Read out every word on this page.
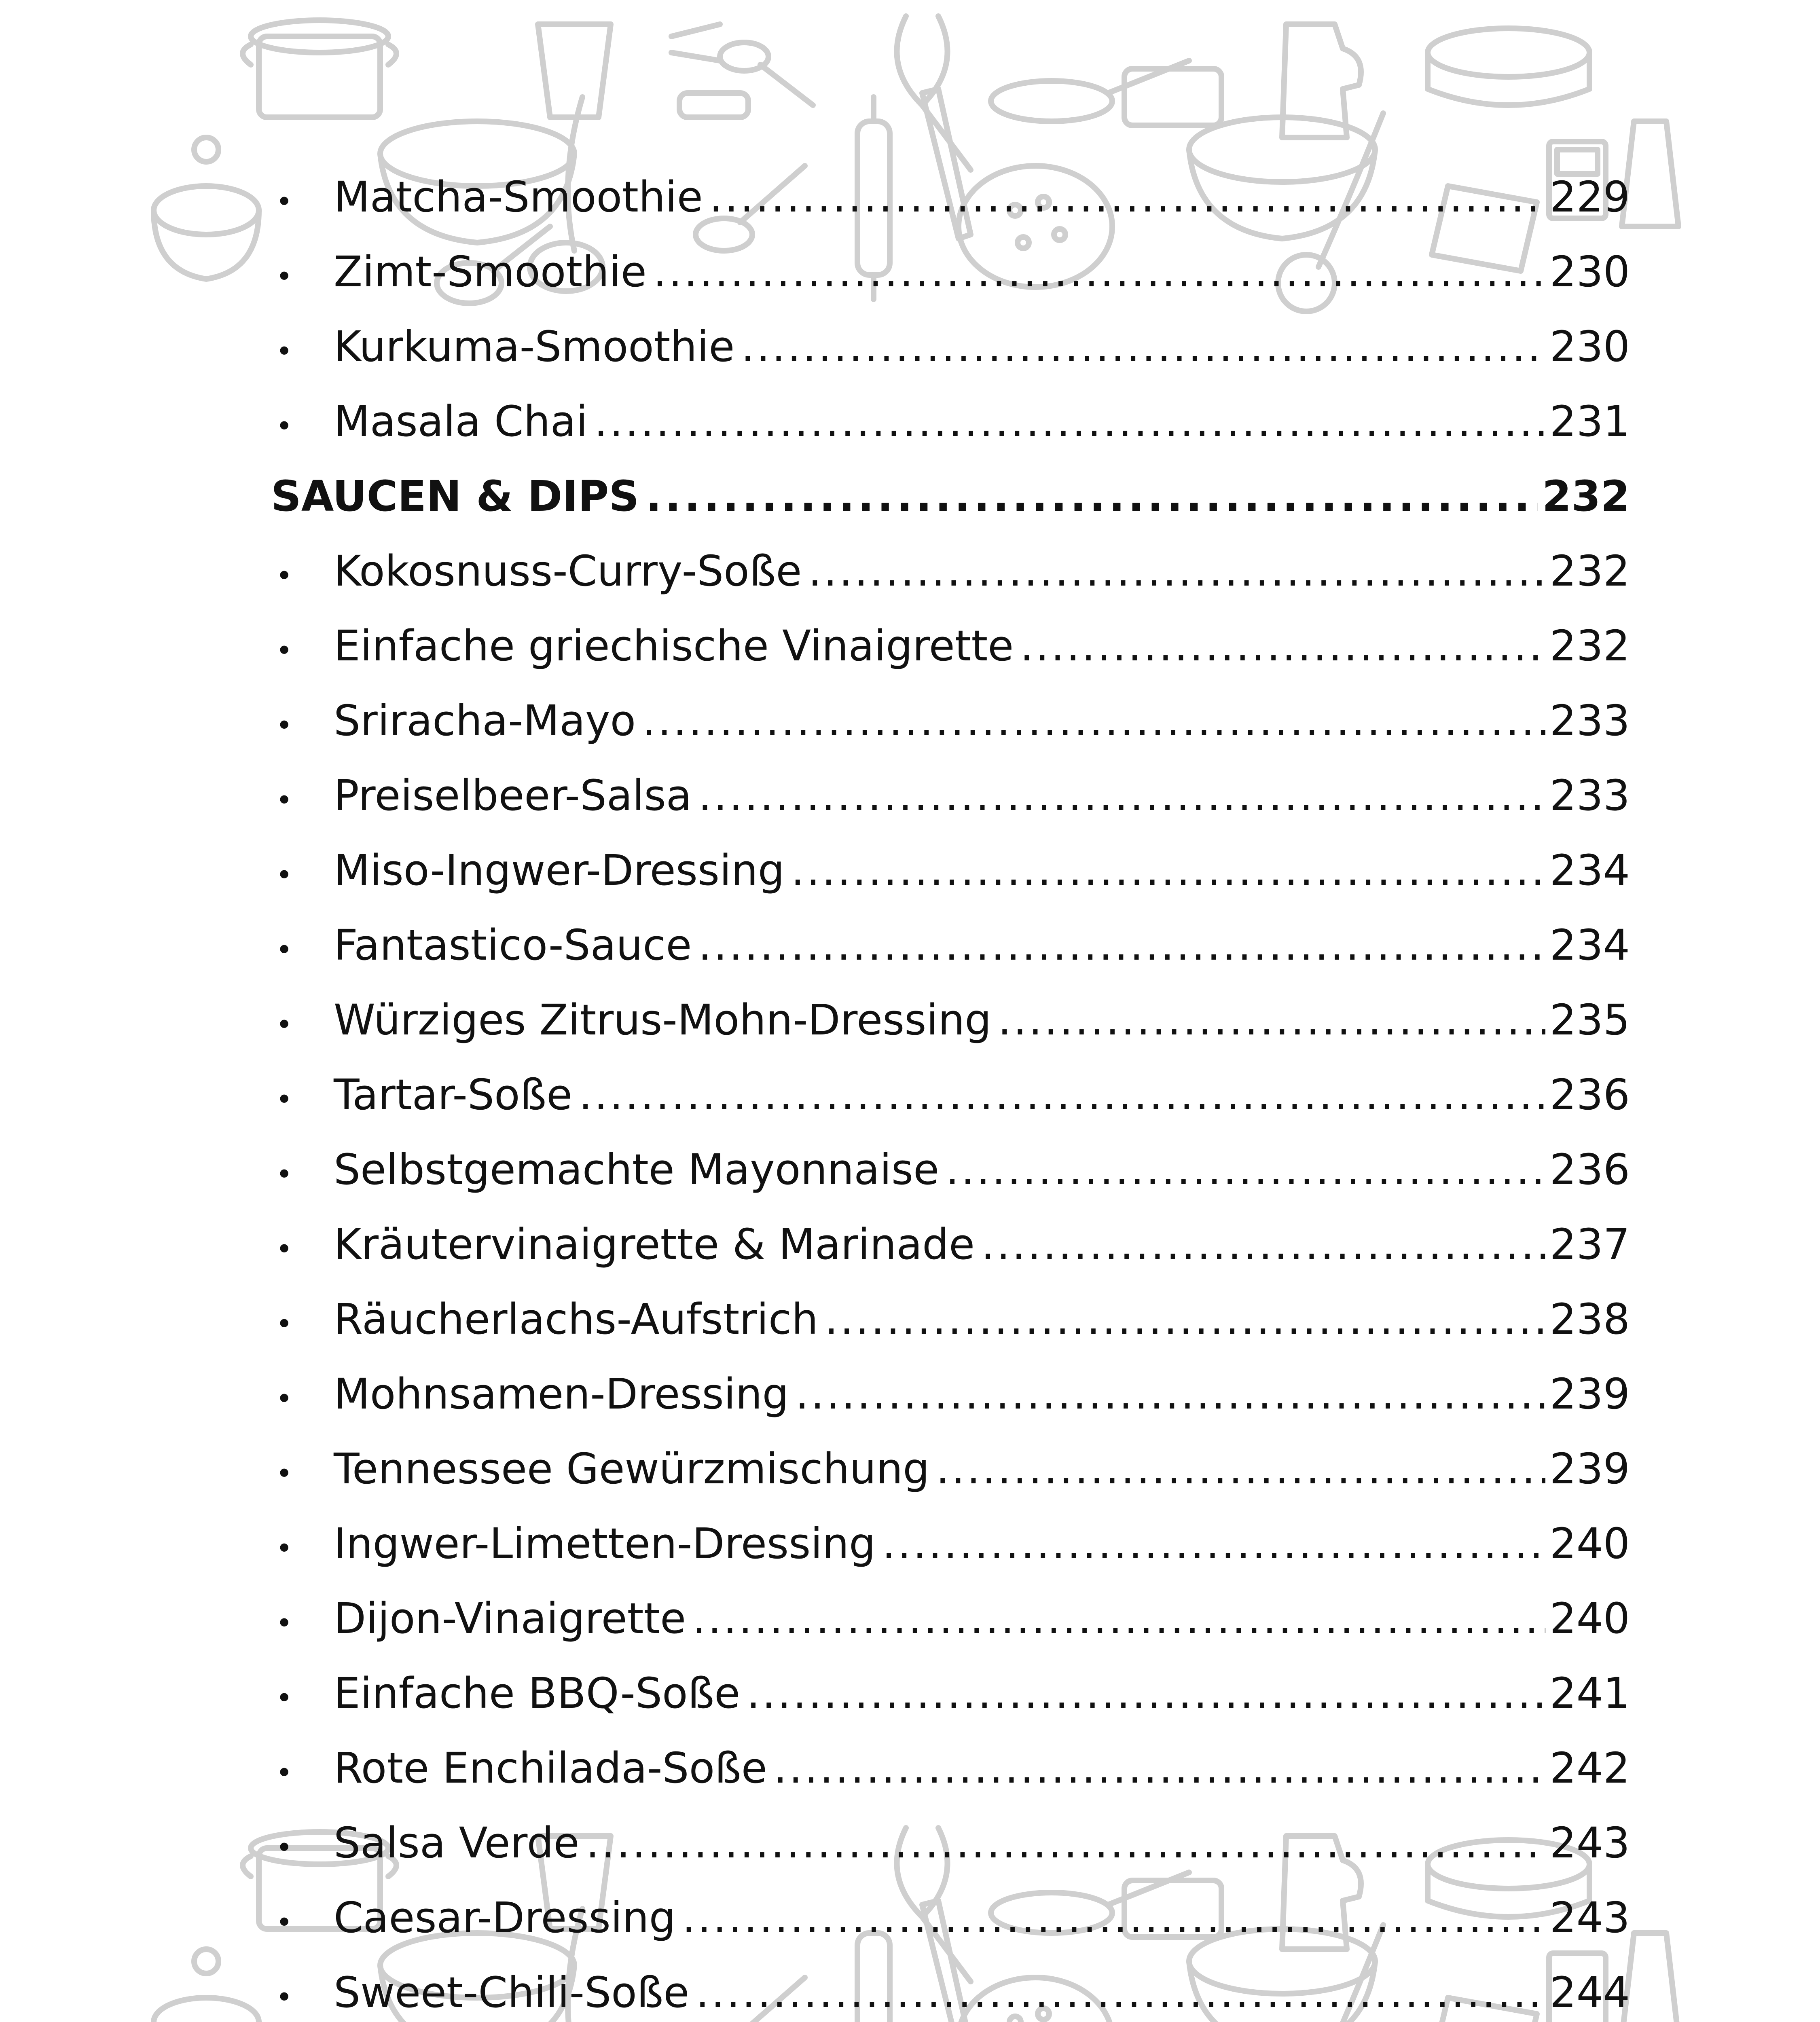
• Matcha-Smoothie . . .	229
• Zimt-Smoothie . . .	230
• Kurkuma-Smoothie . . .	230
• Masala Chai . . .	231
SAUCEN & DIPS . . .	232
• Kokosnuss-Curry-Soße . . .	232
• Einfache griechische Vinaigrette . . .	232
• Sriracha-Mayo . . .	233
• Preiselbeer-Salsa . . .	233
• Miso-Ingwer-Dressing . . .	234
• Fantastico-Sauce . . .	234
• Würziges Zitrus-Mohn-Dressing . . .	235
• Tartar-Soße . . .	236
• Selbstgemachte Mayonnaise . . .	236
• Kräutervinaigrette & Marinade . . .	237
• Räucherlachs-Aufstrich . . .	238
• Mohnsamen-Dressing . . .	239
• Tennessee Gewürzmischung . . .	239
• Ingwer-Limetten-Dressing . . .	240
• Dijon-Vinaigrette . . .	240
• Einfache BBQ-Soße . . .	241
• Rote Enchilada-Soße . . .	242
• Salsa Verde . . .	243
• Caesar-Dressing . . .	243
• Sweet-Chili-Soße . . .	244
